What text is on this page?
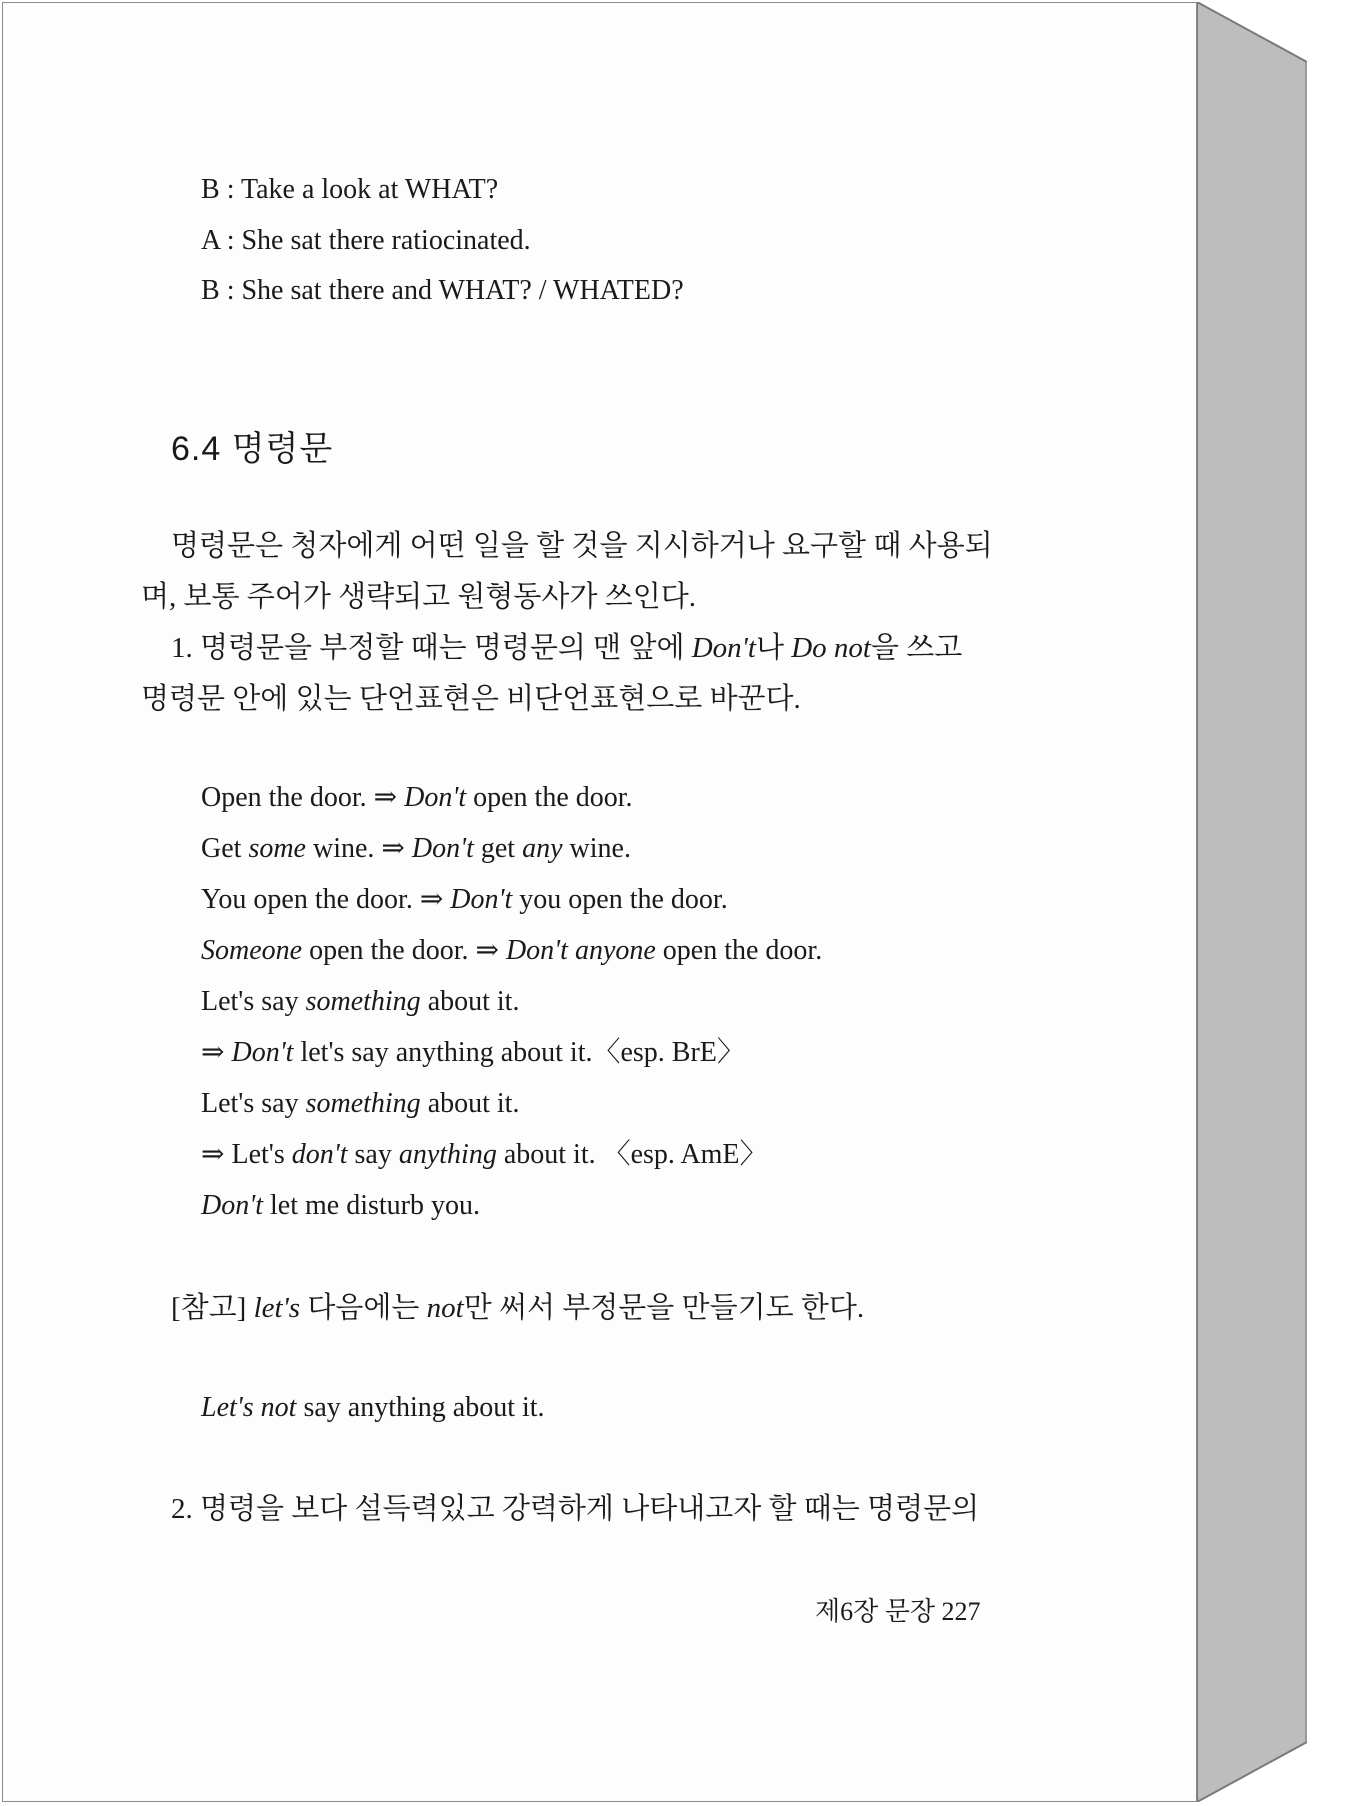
B : Take a look at WHAT?
A : She sat there ratiocinated.
B : She sat there and WHAT? / WHATED?
6.4 명령문
명령문은 청자에게 어떤 일을 할 것을 지시하거나 요구할 때 사용되
며, 보통 주어가 생략되고 원형동사가 쓰인다.
1. 명령문을 부정할 때는 명령문의 맨 앞에 Don't나 Do not을 쓰고
명령문 안에 있는 단언표현은 비단언표현으로 바꾼다.
Open the door. ⇒ Don't open the door.
Get some wine. ⇒ Don't get any wine.
You open the door. ⇒ Don't you open the door.
Someone open the door. ⇒ Don't anyone open the door.
Let's say something about it.
⇒ Don't let's say anything about it.〈esp. BrE〉
Let's say something about it.
⇒ Let's don't say anything about it. 〈esp. AmE〉
Don't let me disturb you.
[참고] let's 다음에는 not만 써서 부정문을 만들기도 한다.
Let's not say anything about it.
2. 명령을 보다 설득력있고 강력하게 나타내고자 할 때는 명령문의
제6장 문장 227
